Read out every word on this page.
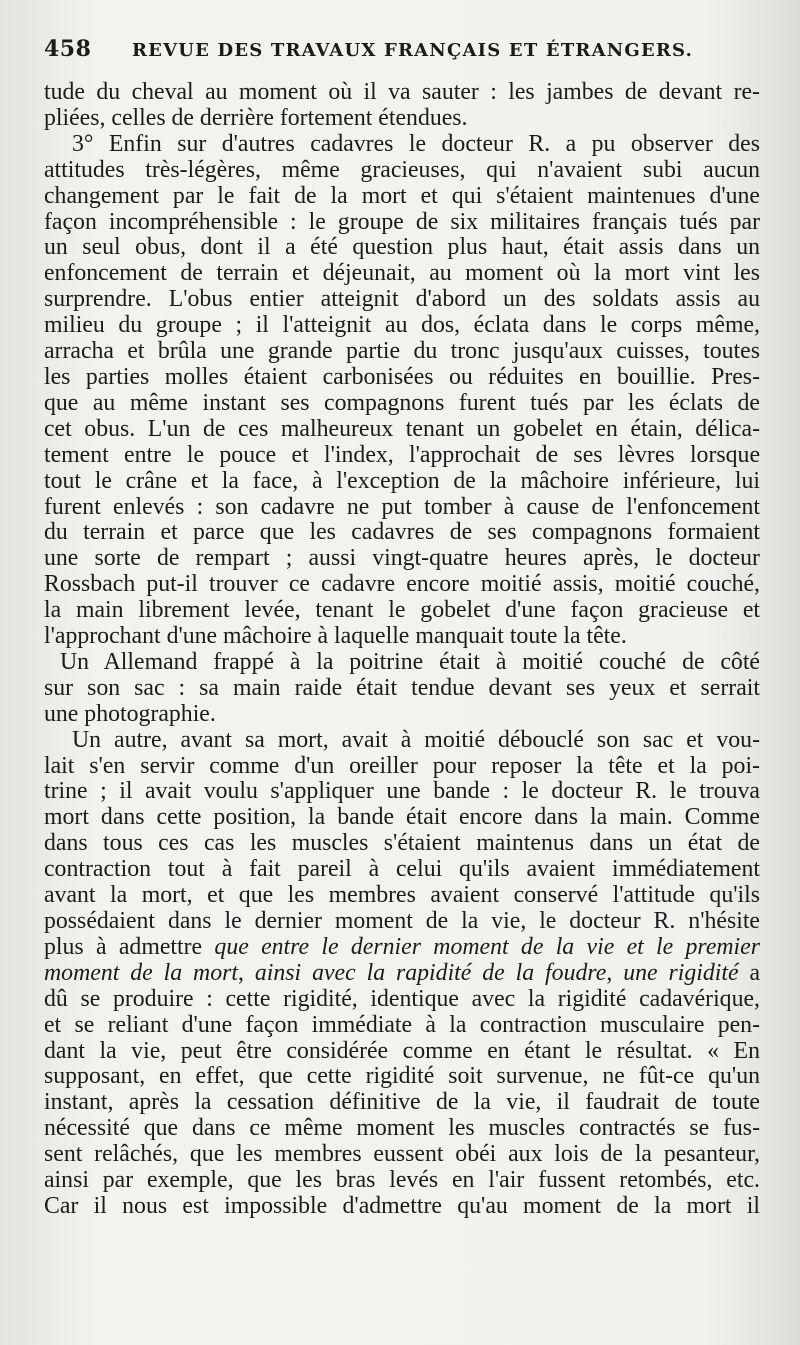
458	REVUE DES TRAVAUX FRANÇAIS ET ÉTRANGERS.
tude du cheval au moment où il va sauter : les jambes de devant re-
pliées, celles de derrière fortement étendues.
3° Enfin sur d'autres cadavres le docteur R. a pu observer des
attitudes très-légères, même gracieuses, qui n'avaient subi aucun
changement par le fait de la mort et qui s'étaient maintenues d'une
façon incompréhensible : le groupe de six militaires français tués par
un seul obus, dont il a été question plus haut, était assis dans un
enfoncement de terrain et déjeunait, au moment où la mort vint les
surprendre. L'obus entier atteignit d'abord un des soldats assis au
milieu du groupe ; il l'atteignit au dos, éclata dans le corps même,
arracha et brûla une grande partie du tronc jusqu'aux cuisses, toutes
les parties molles étaient carbonisées ou réduites en bouillie. Pres-
que au même instant ses compagnons furent tués par les éclats de
cet obus. L'un de ces malheureux tenant un gobelet en étain, délica-
tement entre le pouce et l'index, l'approchait de ses lèvres lorsque
tout le crâne et la face, à l'exception de la mâchoire inférieure, lui
furent enlevés : son cadavre ne put tomber à cause de l'enfoncement
du terrain et parce que les cadavres de ses compagnons formaient
une sorte de rempart ; aussi vingt-quatre heures après, le docteur
Rossbach put-il trouver ce cadavre encore moitié assis, moitié couché,
la main librement levée, tenant le gobelet d'une façon gracieuse et
l'approchant d'une mâchoire à laquelle manquait toute la tête.
Un Allemand frappé à la poitrine était à moitié couché de côté
sur son sac : sa main raide était tendue devant ses yeux et serrait
une photographie.
Un autre, avant sa mort, avait à moitié débouclé son sac et vou-
lait s'en servir comme d'un oreiller pour reposer la tête et la poi-
trine ; il avait voulu s'appliquer une bande : le docteur R. le trouva
mort dans cette position, la bande était encore dans la main. Comme
dans tous ces cas les muscles s'étaient maintenus dans un état de
contraction tout à fait pareil à celui qu'ils avaient immédiatement
avant la mort, et que les membres avaient conservé l'attitude qu'ils
possédaient dans le dernier moment de la vie, le docteur R. n'hésite
plus à admettre que entre le dernier moment de la vie et le premier
moment de la mort, ainsi avec la rapidité de la foudre, une rigidité a
dû se produire : cette rigidité, identique avec la rigidité cadavérique,
et se reliant d'une façon immédiate à la contraction musculaire pen-
dant la vie, peut être considérée comme en étant le résultat. « En
supposant, en effet, que cette rigidité soit survenue, ne fût-ce qu'un
instant, après la cessation définitive de la vie, il faudrait de toute
nécessité que dans ce même moment les muscles contractés se fus-
sent relâchés, que les membres eussent obéi aux lois de la pesanteur,
ainsi par exemple, que les bras levés en l'air fussent retombés, etc.
Car il nous est impossible d'admettre qu'au moment de la mort il
